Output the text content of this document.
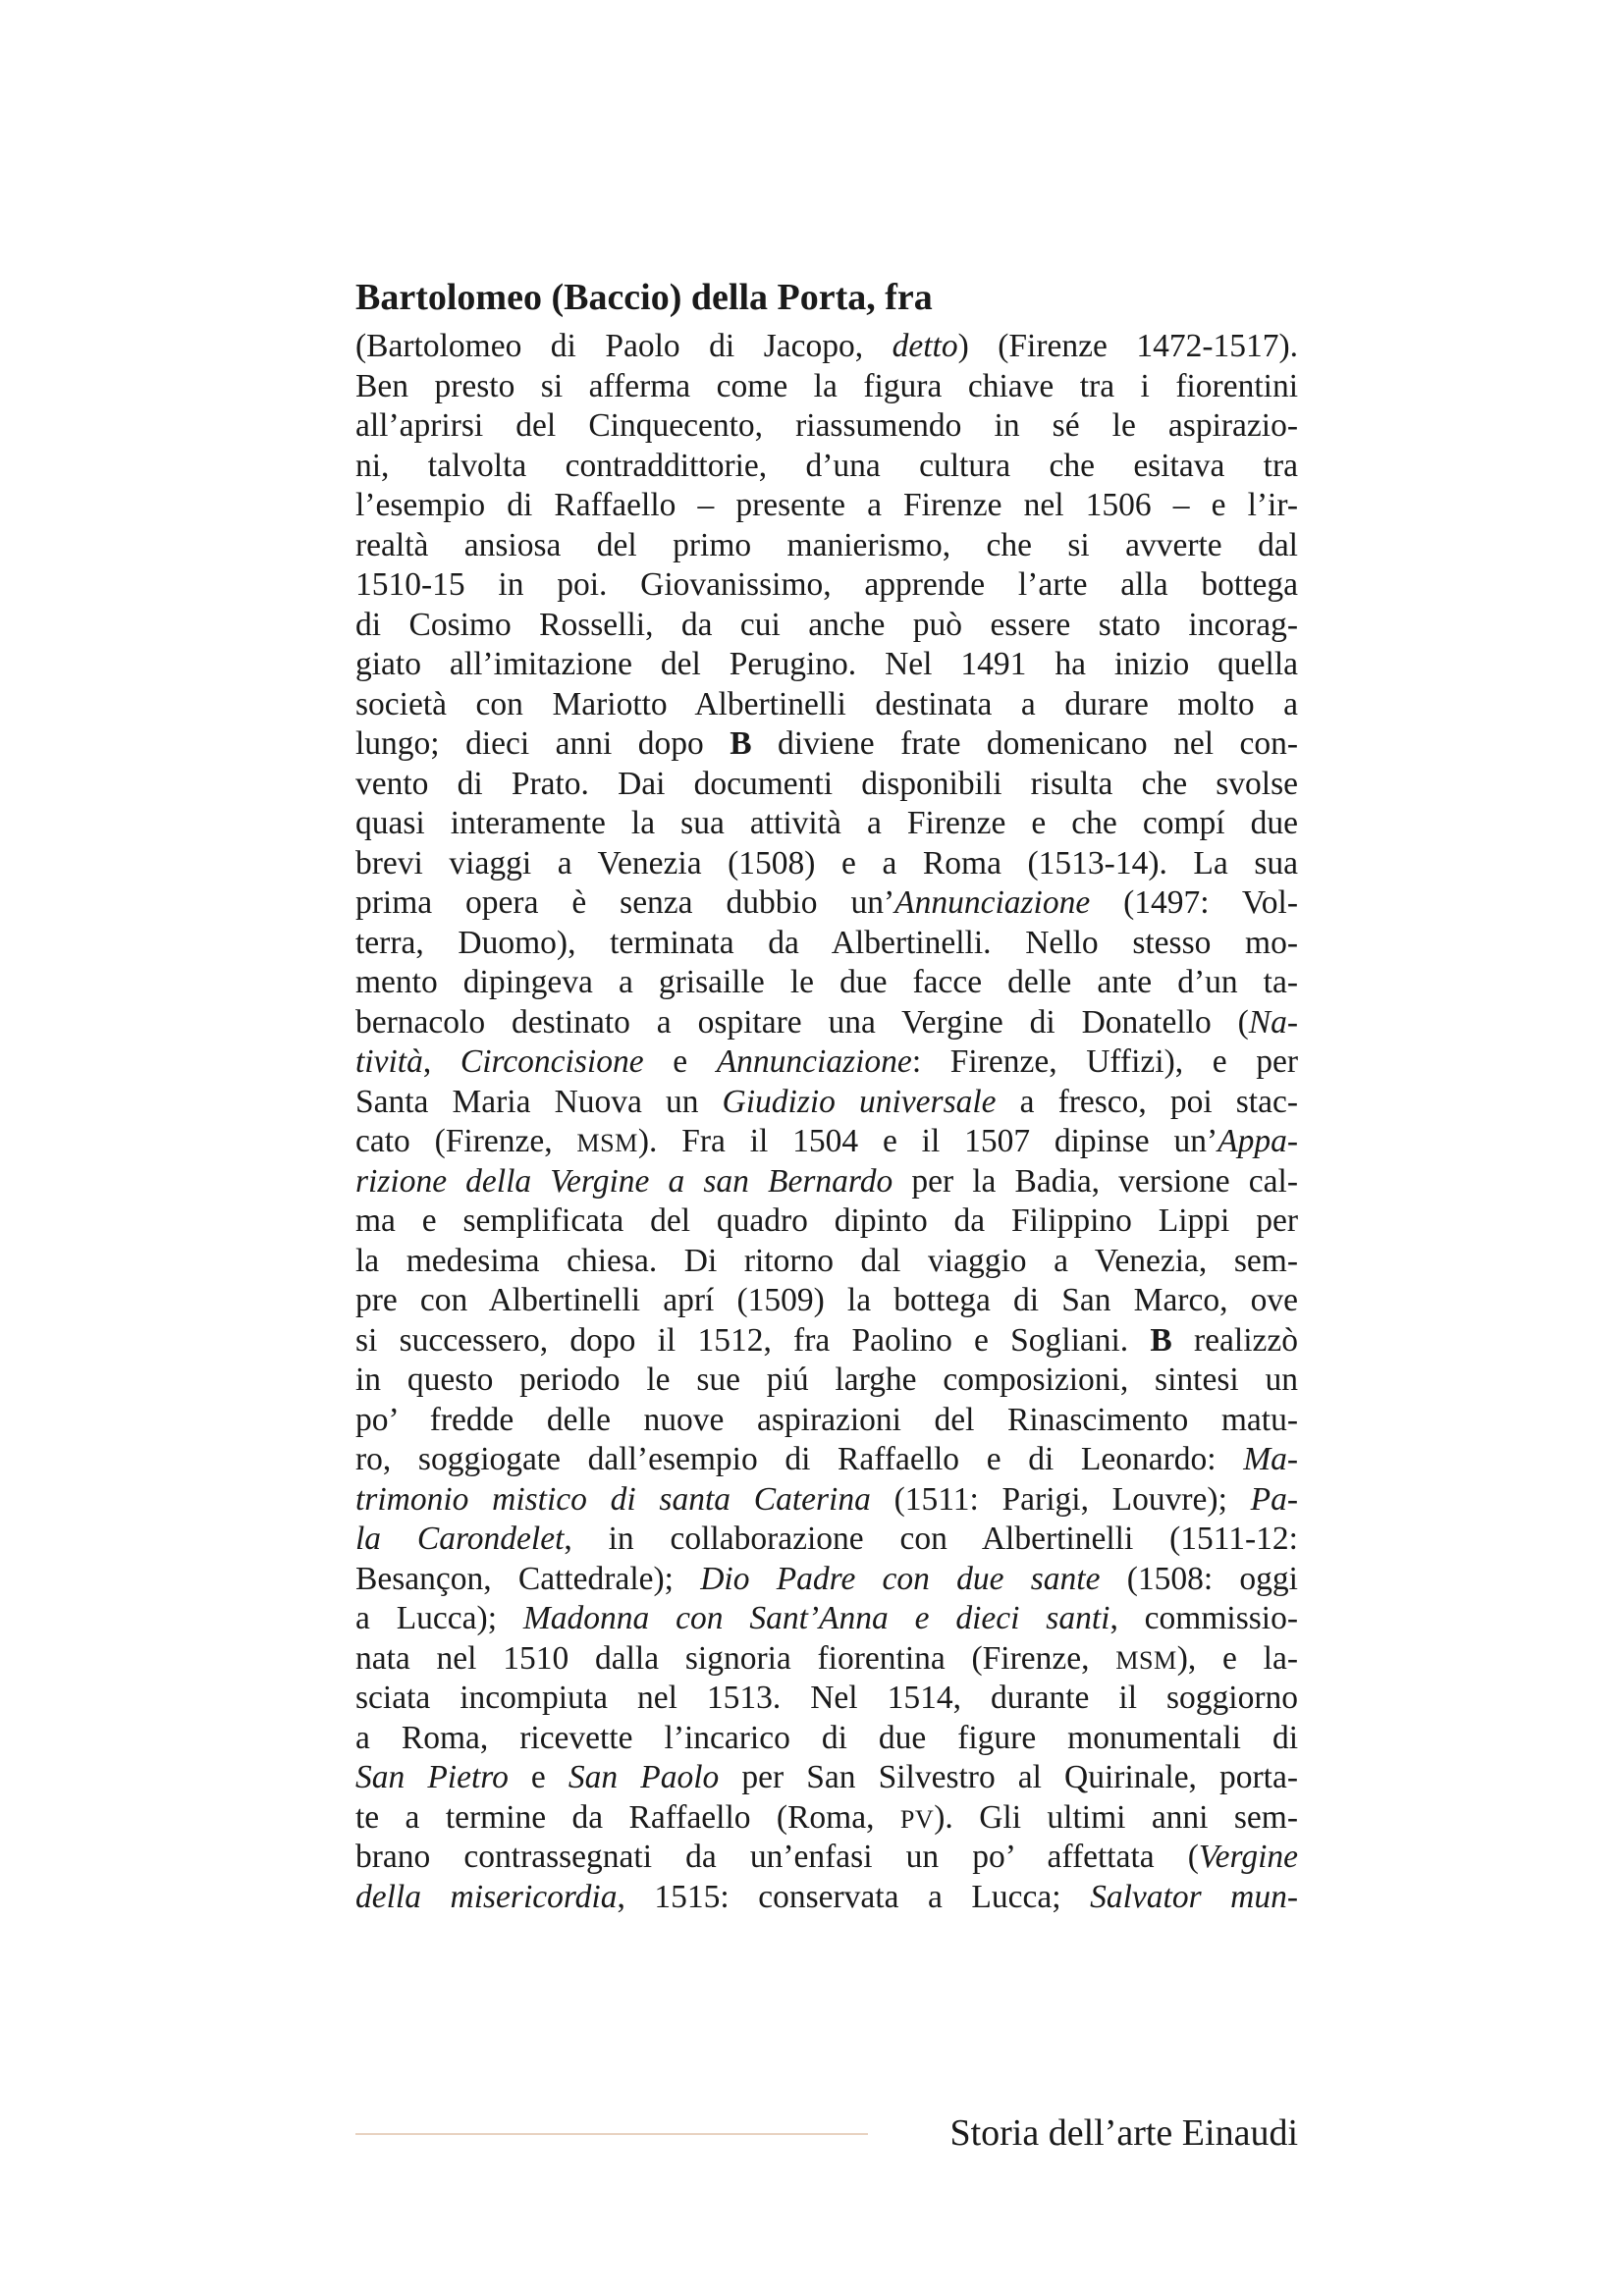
Bartolomeo (Baccio) della Porta, fra
(Bartolomeo di Paolo di Jacopo, detto) (Firenze 1472-1517).
Ben presto si afferma come la figura chiave tra i fiorentini
all’aprirsi del Cinquecento, riassumendo in sé le aspirazio-
ni, talvolta contraddittorie, d’una cultura che esitava tra
l’esempio di Raffaello – presente a Firenze nel 1506 – e l’ir-
realtà ansiosa del primo manierismo, che si avverte dal
1510-15 in poi. Giovanissimo, apprende l’arte alla bottega
di Cosimo Rosselli, da cui anche può essere stato incorag-
giato all’imitazione del Perugino. Nel 1491 ha inizio quella
società con Mariotto Albertinelli destinata a durare molto a
lungo; dieci anni dopo B diviene frate domenicano nel con-
vento di Prato. Dai documenti disponibili risulta che svolse
quasi interamente la sua attività a Firenze e che compí due
brevi viaggi a Venezia (1508) e a Roma (1513-14). La sua
prima opera è senza dubbio un’Annunciazione (1497: Vol-
terra, Duomo), terminata da Albertinelli. Nello stesso mo-
mento dipingeva a grisaille le due facce delle ante d’un ta-
bernacolo destinato a ospitare una Vergine di Donatello (Na-
tività, Circoncisione e Annunciazione: Firenze, Uffizi), e per
Santa Maria Nuova un Giudizio universale a fresco, poi stac-
cato (Firenze, MSM). Fra il 1504 e il 1507 dipinse un’Appa-
rizione della Vergine a san Bernardo per la Badia, versione cal-
ma e semplificata del quadro dipinto da Filippino Lippi per
la medesima chiesa. Di ritorno dal viaggio a Venezia, sem-
pre con Albertinelli aprí (1509) la bottega di San Marco, ove
si successero, dopo il 1512, fra Paolino e Sogliani. B realizzò
in questo periodo le sue piú larghe composizioni, sintesi un
po’ fredde delle nuove aspirazioni del Rinascimento matu-
ro, soggiogate dall’esempio di Raffaello e di Leonardo: Ma-
trimonio mistico di santa Caterina (1511: Parigi, Louvre); Pa-
la Carondelet, in collaborazione con Albertinelli (1511-12:
Besançon, Cattedrale); Dio Padre con due sante (1508: oggi
a Lucca); Madonna con Sant’Anna e dieci santi, commissio-
nata nel 1510 dalla signoria fiorentina (Firenze, MSM), e la-
sciata incompiuta nel 1513. Nel 1514, durante il soggiorno
a Roma, ricevette l’incarico di due figure monumentali di
San Pietro e San Paolo per San Silvestro al Quirinale, porta-
te a termine da Raffaello (Roma, PV). Gli ultimi anni sem-
brano contrassegnati da un’enfasi un po’ affettata (Vergine
della misericordia, 1515: conservata a Lucca; Salvator mun-
Storia dell’arte Einaudi
